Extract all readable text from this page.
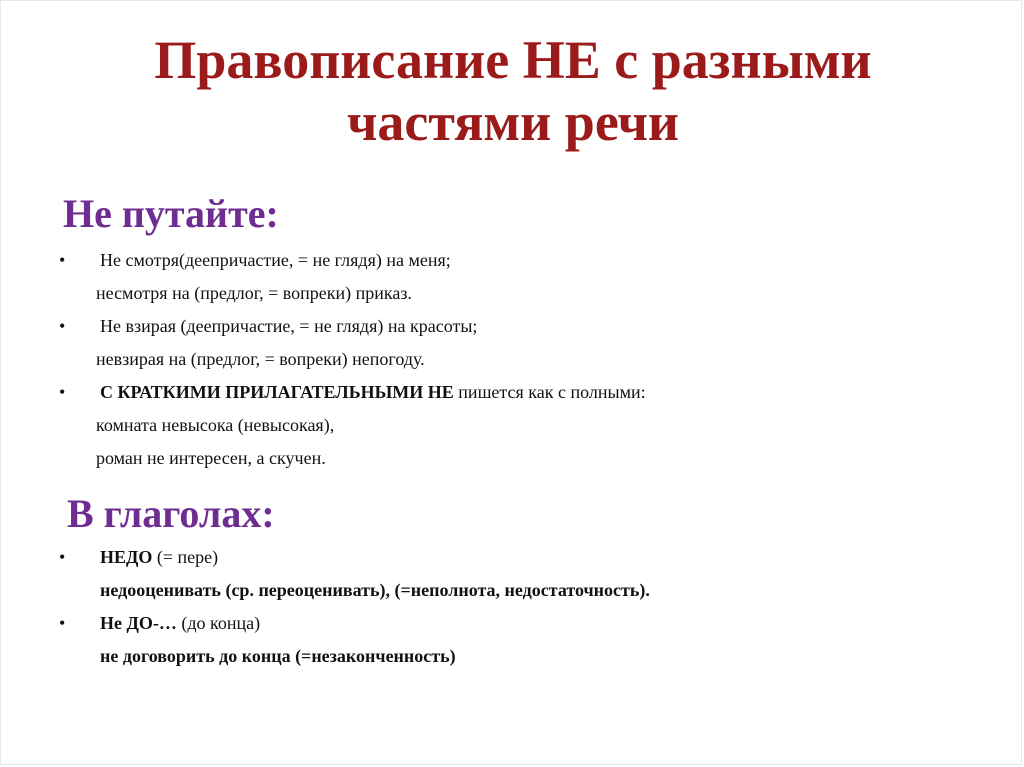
Правописание НЕ с разными
частями речи
Не путайте:
• Не смотря(деепричастие, = не глядя) на меня;
несмотря на (предлог, = вопреки) приказ.
• Не взирая (деепричастие, = не глядя) на красоты;
невзирая на (предлог, = вопреки) непогоду.
• С КРАТКИМИ ПРИЛАГАТЕЛЬНЫМИ НЕ пишется как с полными:
комната невысока (невысокая),
роман не интересен, а скучен.
В глаголах:
• НЕДО (= пере)
недооценивать (ср. переоценивать), (=неполнота, недостаточность).
• Не ДО-… (до конца)
не договорить до конца (=незаконченность)
